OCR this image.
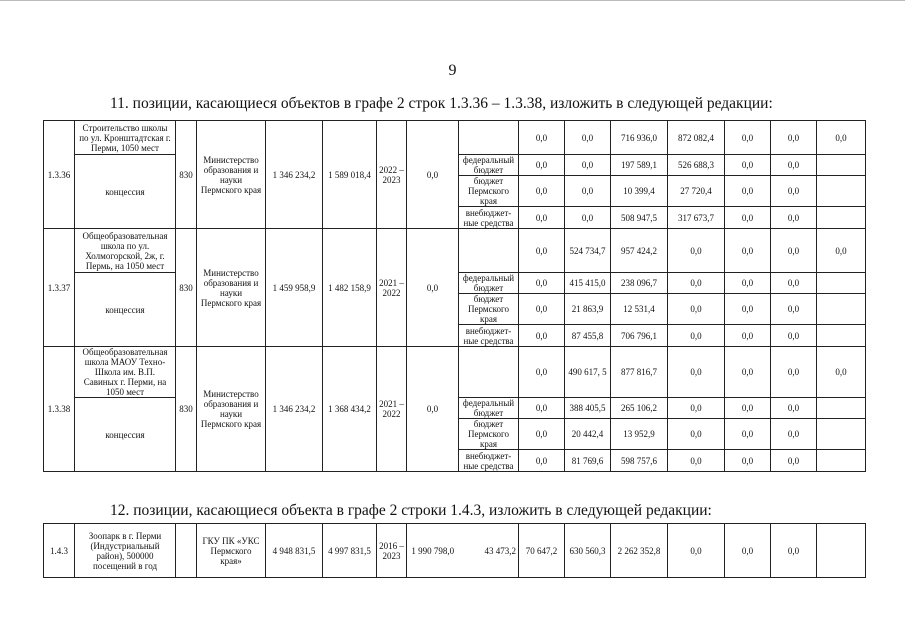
9
11. позиции, касающиеся объектов в графе 2 строк 1.3.36 – 1.3.38, изложить в следующей редакции:
1.3.36	Строительство школы по ул. Кронштадтская г. Перми, 1050 мест	830	Министерство образования и науки Пермского края	1 346 234,2	1 589 018,4	2022 – 2023	0,0		0,0	0,0	716 936,0	872 082,4	0,0	0,0	0,0
	концессия							федеральный бюджет	0,0	0,0	197 589,1	526 688,3	0,0	0,0	
								бюджет Пермского края	0,0	0,0	10 399,4	27 720,4	0,0	0,0	
								внебюджет-ные средства	0,0	0,0	508 947,5	317 673,7	0,0	0,0	
1.3.37	Общеобразовательная школа по ул. Холмогорской, 2ж, г. Пермь, на 1050 мест	830	Министерство образования и науки Пермского края	1 459 958,9	1 482 158,9	2021 – 2022	0,0		0,0	524 734,7	957 424,2	0,0	0,0	0,0	0,0
	концессия							федеральный бюджет	0,0	415 415,0	238 096,7	0,0	0,0	0,0	
								бюджет Пермского края	0,0	21 863,9	12 531,4	0,0	0,0	0,0	
								внебюджет-ные средства	0,0	87 455,8	706 796,1	0,0	0,0	0,0	
1.3.38	Общеобразовательная школа МАОУ Техно-Школа им. В.П. Савиных г. Перми, на 1050 мест	830	Министерство образования и науки Пермского края	1 346 234,2	1 368 434,2	2021 – 2022	0,0		0,0	490 617, 5	877 816,7	0,0	0,0	0,0	0,0
	концессия							федеральный бюджет	0,0	388 405,5	265 106,2	0,0	0,0	0,0	
								бюджет Пермского края	0,0	20 442,4	13 952,9	0,0	0,0	0,0	
								внебюджет-ные средства	0,0	81 769,6	598 757,6	0,0	0,0	0,0	
12. позиции, касающиеся объекта в графе 2 строки 1.4.3, изложить в следующей редакции:
1.4.3	Зоопарк в г. Перми (Индустриальный район), 500000 посещений в год		ГКУ ПК «УКС Пермского края»	4 948 831,5	4 997 831,5	2016 – 2023	1 990 798,0	43 473,2	70 647,2	630 560,3	2 262 352,8	0,0	0,0	0,0	
